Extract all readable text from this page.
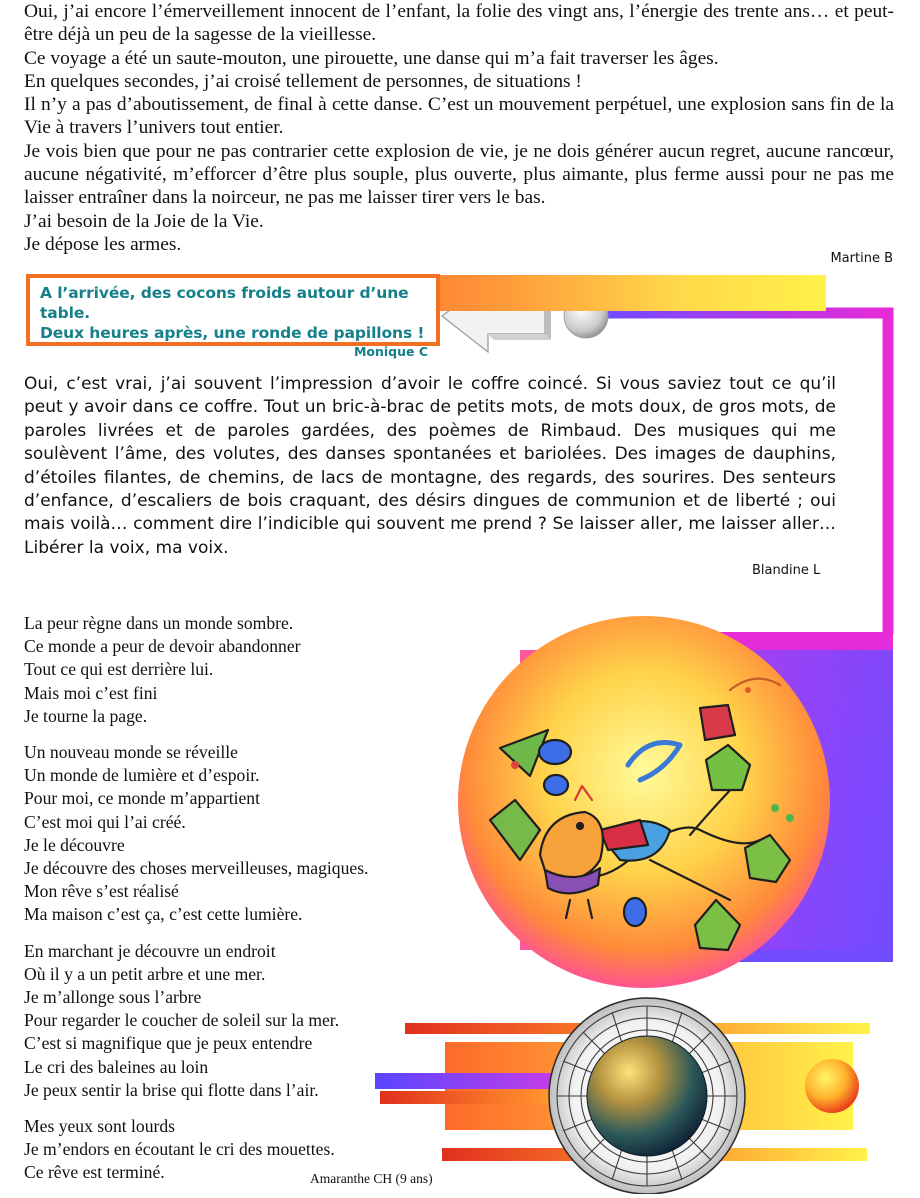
Oui, j’ai encore l’émerveillement innocent de l’enfant, la folie des vingt ans, l’énergie des trente ans… et peut-être déjà un peu de la sagesse de la vieillesse.

Ce voyage a été un saute-mouton, une pirouette, une danse qui m’a fait traverser les âges.

En quelques secondes, j’ai croisé tellement de personnes, de situations !

Il n’y a pas d’aboutissement, de final à cette danse. C’est un mouvement perpétuel, une explosion sans fin de la Vie à travers l’univers tout entier.

Je vois bien que pour ne pas contrarier cette explosion de vie, je ne dois générer aucun regret, aucune rancœur, aucune négativité, m’efforcer d’être plus souple, plus ouverte, plus aimante, plus ferme aussi pour ne pas me laisser entraîner dans la noirceur, ne pas me laisser tirer vers le bas.

J’ai besoin de la Joie de la Vie.

Je dépose les armes.

Martine B

A l’arrivée, des cocons froids autour d’une table.

Deux heures après, une ronde de papillons !

Monique C

Oui, c’est vrai, j’ai souvent l’impression d’avoir le coffre coincé. Si vous saviez tout ce qu’il peut y avoir dans ce coffre. Tout un bric-à-brac de petits mots, de mots doux, de gros mots, de paroles livrées et de paroles gardées, des poèmes de Rimbaud. Des musiques qui me soulèvent l’âme, des volutes, des danses spontanées et bariolées. Des images de dauphins, d’étoiles filantes, de chemins, de lacs de montagne, des regards, des sourires. Des senteurs d’enfance, d’escaliers de bois craquant, des désirs dingues de communion et de liberté ; oui mais voilà… comment dire l’indicible qui souvent me prend ? Se laisser aller, me laisser aller… Libérer la voix, ma voix.

Blandine L
La peur règne dans un monde sombre.
Ce monde a peur de devoir abandonner
Tout ce qui est derrière lui.
Mais moi c’est fini
Je tourne la page.
Un nouveau monde se réveille
Un monde de lumière et d’espoir.
Pour moi, ce monde m’appartient
C’est moi qui l’ai créé.
Je le découvre
Je découvre des choses merveilleuses, magiques.
Mon rêve s’est réalisé
Ma maison c’est ça, c’est cette lumière.
En marchant je découvre un endroit
Où il y a un petit arbre et une mer.
Je m’allonge sous l’arbre
Pour regarder le coucher de soleil sur la mer.
C’est si magnifique que je peux entendre
Le cri des baleines au loin
Je peux sentir la brise qui flotte dans l’air.
Mes yeux sont lourds
Je m’endors en écoutant le cri des mouettes.
Ce rêve est terminé.	Amaranthe CH (9 ans)
